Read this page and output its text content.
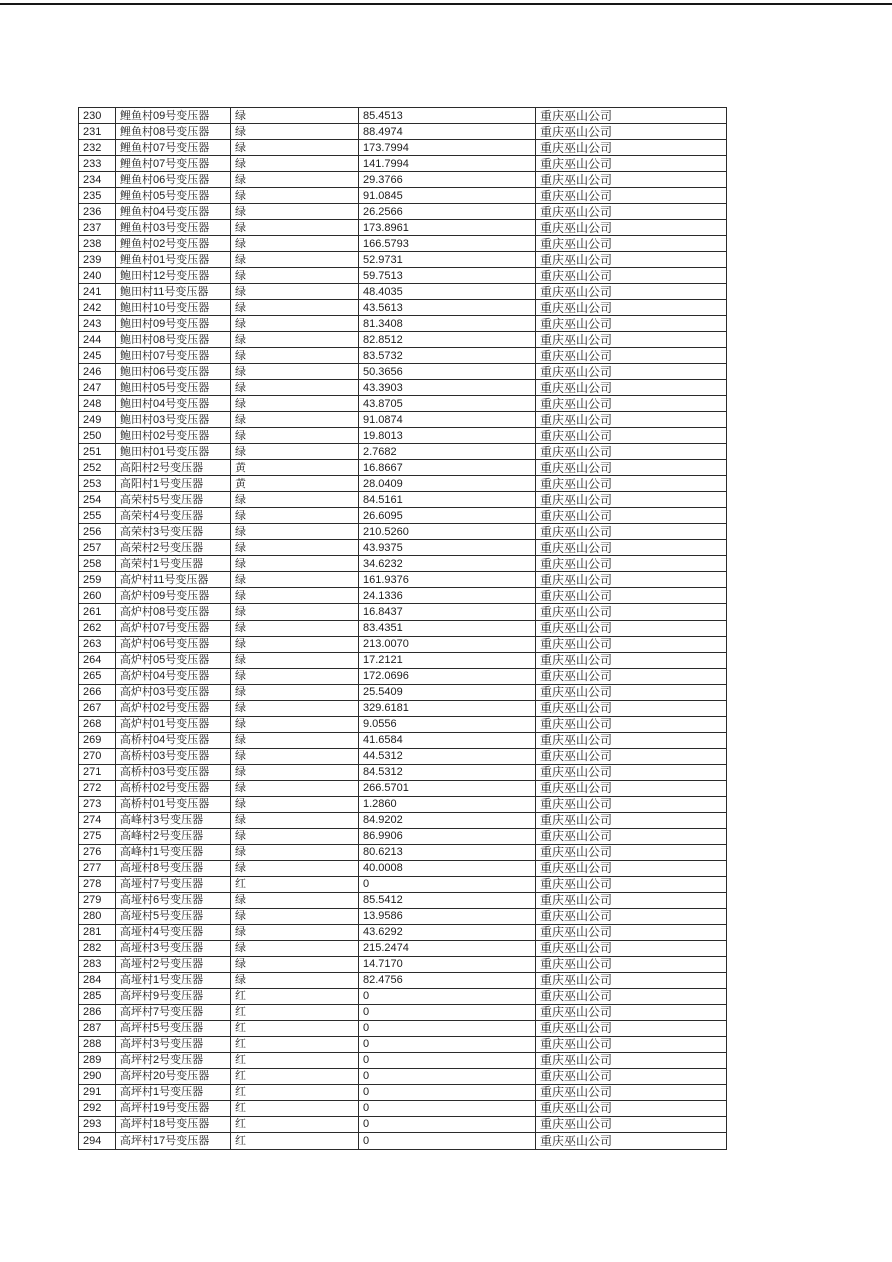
230	鲤鱼村09号变压器	绿	85.4513	重庆巫山公司
231	鲤鱼村08号变压器	绿	88.4974	重庆巫山公司
232	鲤鱼村07号变压器	绿	173.7994	重庆巫山公司
233	鲤鱼村07号变压器	绿	141.7994	重庆巫山公司
234	鲤鱼村06号变压器	绿	29.3766	重庆巫山公司
235	鲤鱼村05号变压器	绿	91.0845	重庆巫山公司
236	鲤鱼村04号变压器	绿	26.2566	重庆巫山公司
237	鲤鱼村03号变压器	绿	173.8961	重庆巫山公司
238	鲤鱼村02号变压器	绿	166.5793	重庆巫山公司
239	鲤鱼村01号变压器	绿	52.9731	重庆巫山公司
240	鲍田村12号变压器	绿	59.7513	重庆巫山公司
241	鲍田村11号变压器	绿	48.4035	重庆巫山公司
242	鲍田村10号变压器	绿	43.5613	重庆巫山公司
243	鲍田村09号变压器	绿	81.3408	重庆巫山公司
244	鲍田村08号变压器	绿	82.8512	重庆巫山公司
245	鲍田村07号变压器	绿	83.5732	重庆巫山公司
246	鲍田村06号变压器	绿	50.3656	重庆巫山公司
247	鲍田村05号变压器	绿	43.3903	重庆巫山公司
248	鲍田村04号变压器	绿	43.8705	重庆巫山公司
249	鲍田村03号变压器	绿	91.0874	重庆巫山公司
250	鲍田村02号变压器	绿	19.8013	重庆巫山公司
251	鲍田村01号变压器	绿	2.7682	重庆巫山公司
252	高阳村2号变压器	黄	16.8667	重庆巫山公司
253	高阳村1号变压器	黄	28.0409	重庆巫山公司
254	高荣村5号变压器	绿	84.5161	重庆巫山公司
255	高荣村4号变压器	绿	26.6095	重庆巫山公司
256	高荣村3号变压器	绿	210.5260	重庆巫山公司
257	高荣村2号变压器	绿	43.9375	重庆巫山公司
258	高荣村1号变压器	绿	34.6232	重庆巫山公司
259	高炉村11号变压器	绿	161.9376	重庆巫山公司
260	高炉村09号变压器	绿	24.1336	重庆巫山公司
261	高炉村08号变压器	绿	16.8437	重庆巫山公司
262	高炉村07号变压器	绿	83.4351	重庆巫山公司
263	高炉村06号变压器	绿	213.0070	重庆巫山公司
264	高炉村05号变压器	绿	17.2121	重庆巫山公司
265	高炉村04号变压器	绿	172.0696	重庆巫山公司
266	高炉村03号变压器	绿	25.5409	重庆巫山公司
267	高炉村02号变压器	绿	329.6181	重庆巫山公司
268	高炉村01号变压器	绿	9.0556	重庆巫山公司
269	高桥村04号变压器	绿	41.6584	重庆巫山公司
270	高桥村03号变压器	绿	44.5312	重庆巫山公司
271	高桥村03号变压器	绿	84.5312	重庆巫山公司
272	高桥村02号变压器	绿	266.5701	重庆巫山公司
273	高桥村01号变压器	绿	1.2860	重庆巫山公司
274	高峰村3号变压器	绿	84.9202	重庆巫山公司
275	高峰村2号变压器	绿	86.9906	重庆巫山公司
276	高峰村1号变压器	绿	80.6213	重庆巫山公司
277	高垭村8号变压器	绿	40.0008	重庆巫山公司
278	高垭村7号变压器	红	0	重庆巫山公司
279	高垭村6号变压器	绿	85.5412	重庆巫山公司
280	高垭村5号变压器	绿	13.9586	重庆巫山公司
281	高垭村4号变压器	绿	43.6292	重庆巫山公司
282	高垭村3号变压器	绿	215.2474	重庆巫山公司
283	高垭村2号变压器	绿	14.7170	重庆巫山公司
284	高垭村1号变压器	绿	82.4756	重庆巫山公司
285	高坪村9号变压器	红	0	重庆巫山公司
286	高坪村7号变压器	红	0	重庆巫山公司
287	高坪村5号变压器	红	0	重庆巫山公司
288	高坪村3号变压器	红	0	重庆巫山公司
289	高坪村2号变压器	红	0	重庆巫山公司
290	高坪村20号变压器	红	0	重庆巫山公司
291	高坪村1号变压器	红	0	重庆巫山公司
292	高坪村19号变压器	红	0	重庆巫山公司
293	高坪村18号变压器	红	0	重庆巫山公司
294	高坪村17号变压器	红	0	重庆巫山公司
